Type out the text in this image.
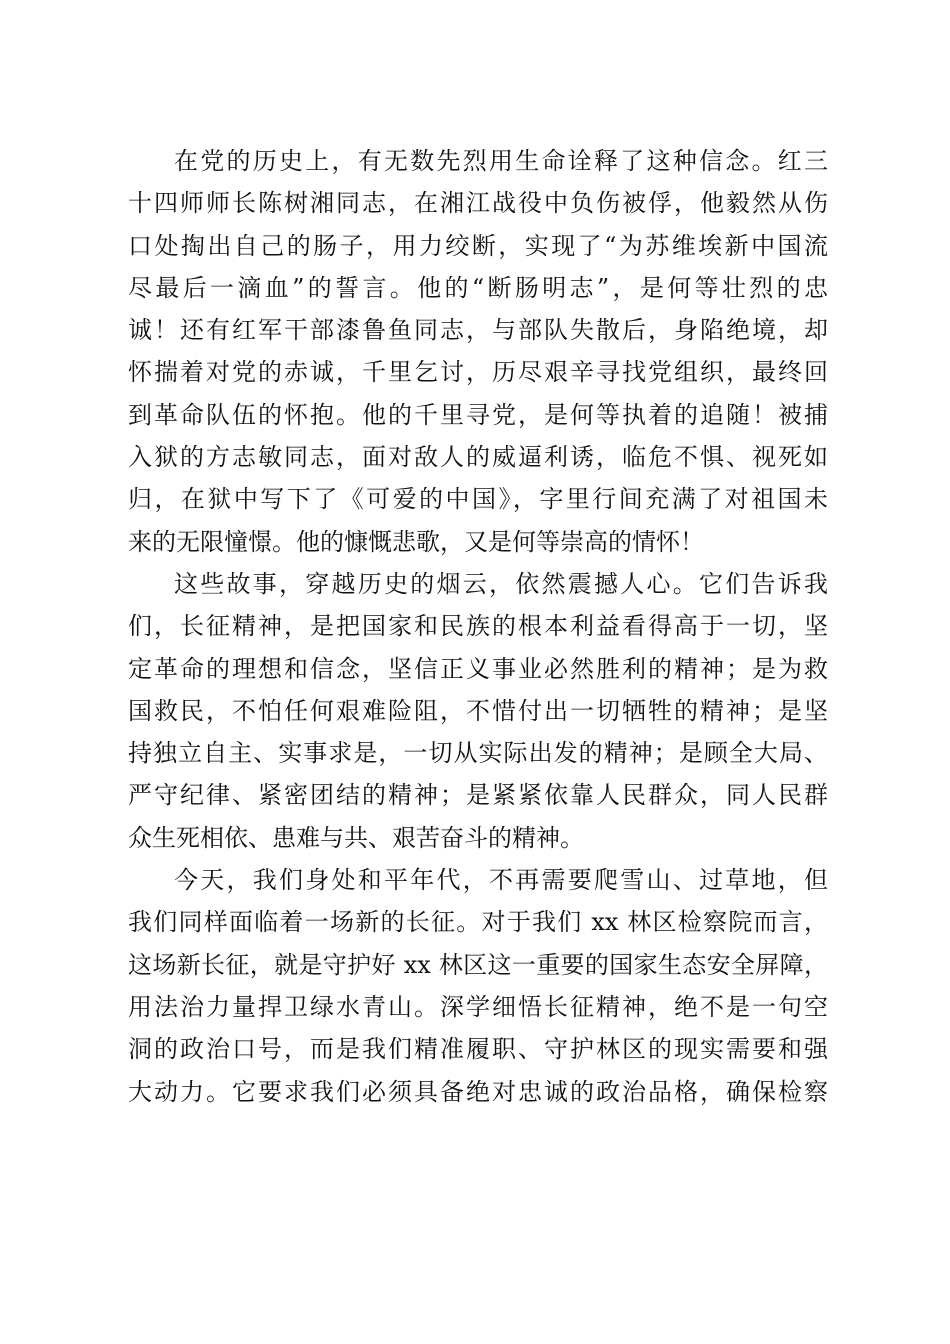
在党的历史上，有无数先烈用生命诠释了这种信念。红三
十四师师长陈树湘同志，在湘江战役中负伤被俘，他毅然从伤
口处掏出自己的肠子，用力绞断，实现了“为苏维埃新中国流
尽最后一滴血”的誓言。他的“断肠明志”，是何等壮烈的忠
诚！还有红军干部漆鲁鱼同志，与部队失散后，身陷绝境，却
怀揣着对党的赤诚，千里乞讨，历尽艰辛寻找党组织，最终回
到革命队伍的怀抱。他的千里寻党，是何等执着的追随！被捕
入狱的方志敏同志，面对敌人的威逼利诱，临危不惧、视死如
归，在狱中写下了《可爱的中国》，字里行间充满了对祖国未
来的无限憧憬。他的慷慨悲歌，又是何等崇高的情怀！
这些故事，穿越历史的烟云，依然震撼人心。它们告诉我
们，长征精神，是把国家和民族的根本利益看得高于一切，坚
定革命的理想和信念，坚信正义事业必然胜利的精神；是为救
国救民，不怕任何艰难险阻，不惜付出一切牺牲的精神；是坚
持独立自主、实事求是，一切从实际出发的精神；是顾全大局、
严守纪律、紧密团结的精神；是紧紧依靠人民群众，同人民群
众生死相依、患难与共、艰苦奋斗的精神。
今天，我们身处和平年代，不再需要爬雪山、过草地，但
我们同样面临着一场新的长征。对于我们 xx 林区检察院而言，
这场新长征，就是守护好 xx 林区这一重要的国家生态安全屏障，
用法治力量捍卫绿水青山。深学细悟长征精神，绝不是一句空
洞的政治口号，而是我们精准履职、守护林区的现实需要和强
大动力。它要求我们必须具备绝对忠诚的政治品格，确保检察
